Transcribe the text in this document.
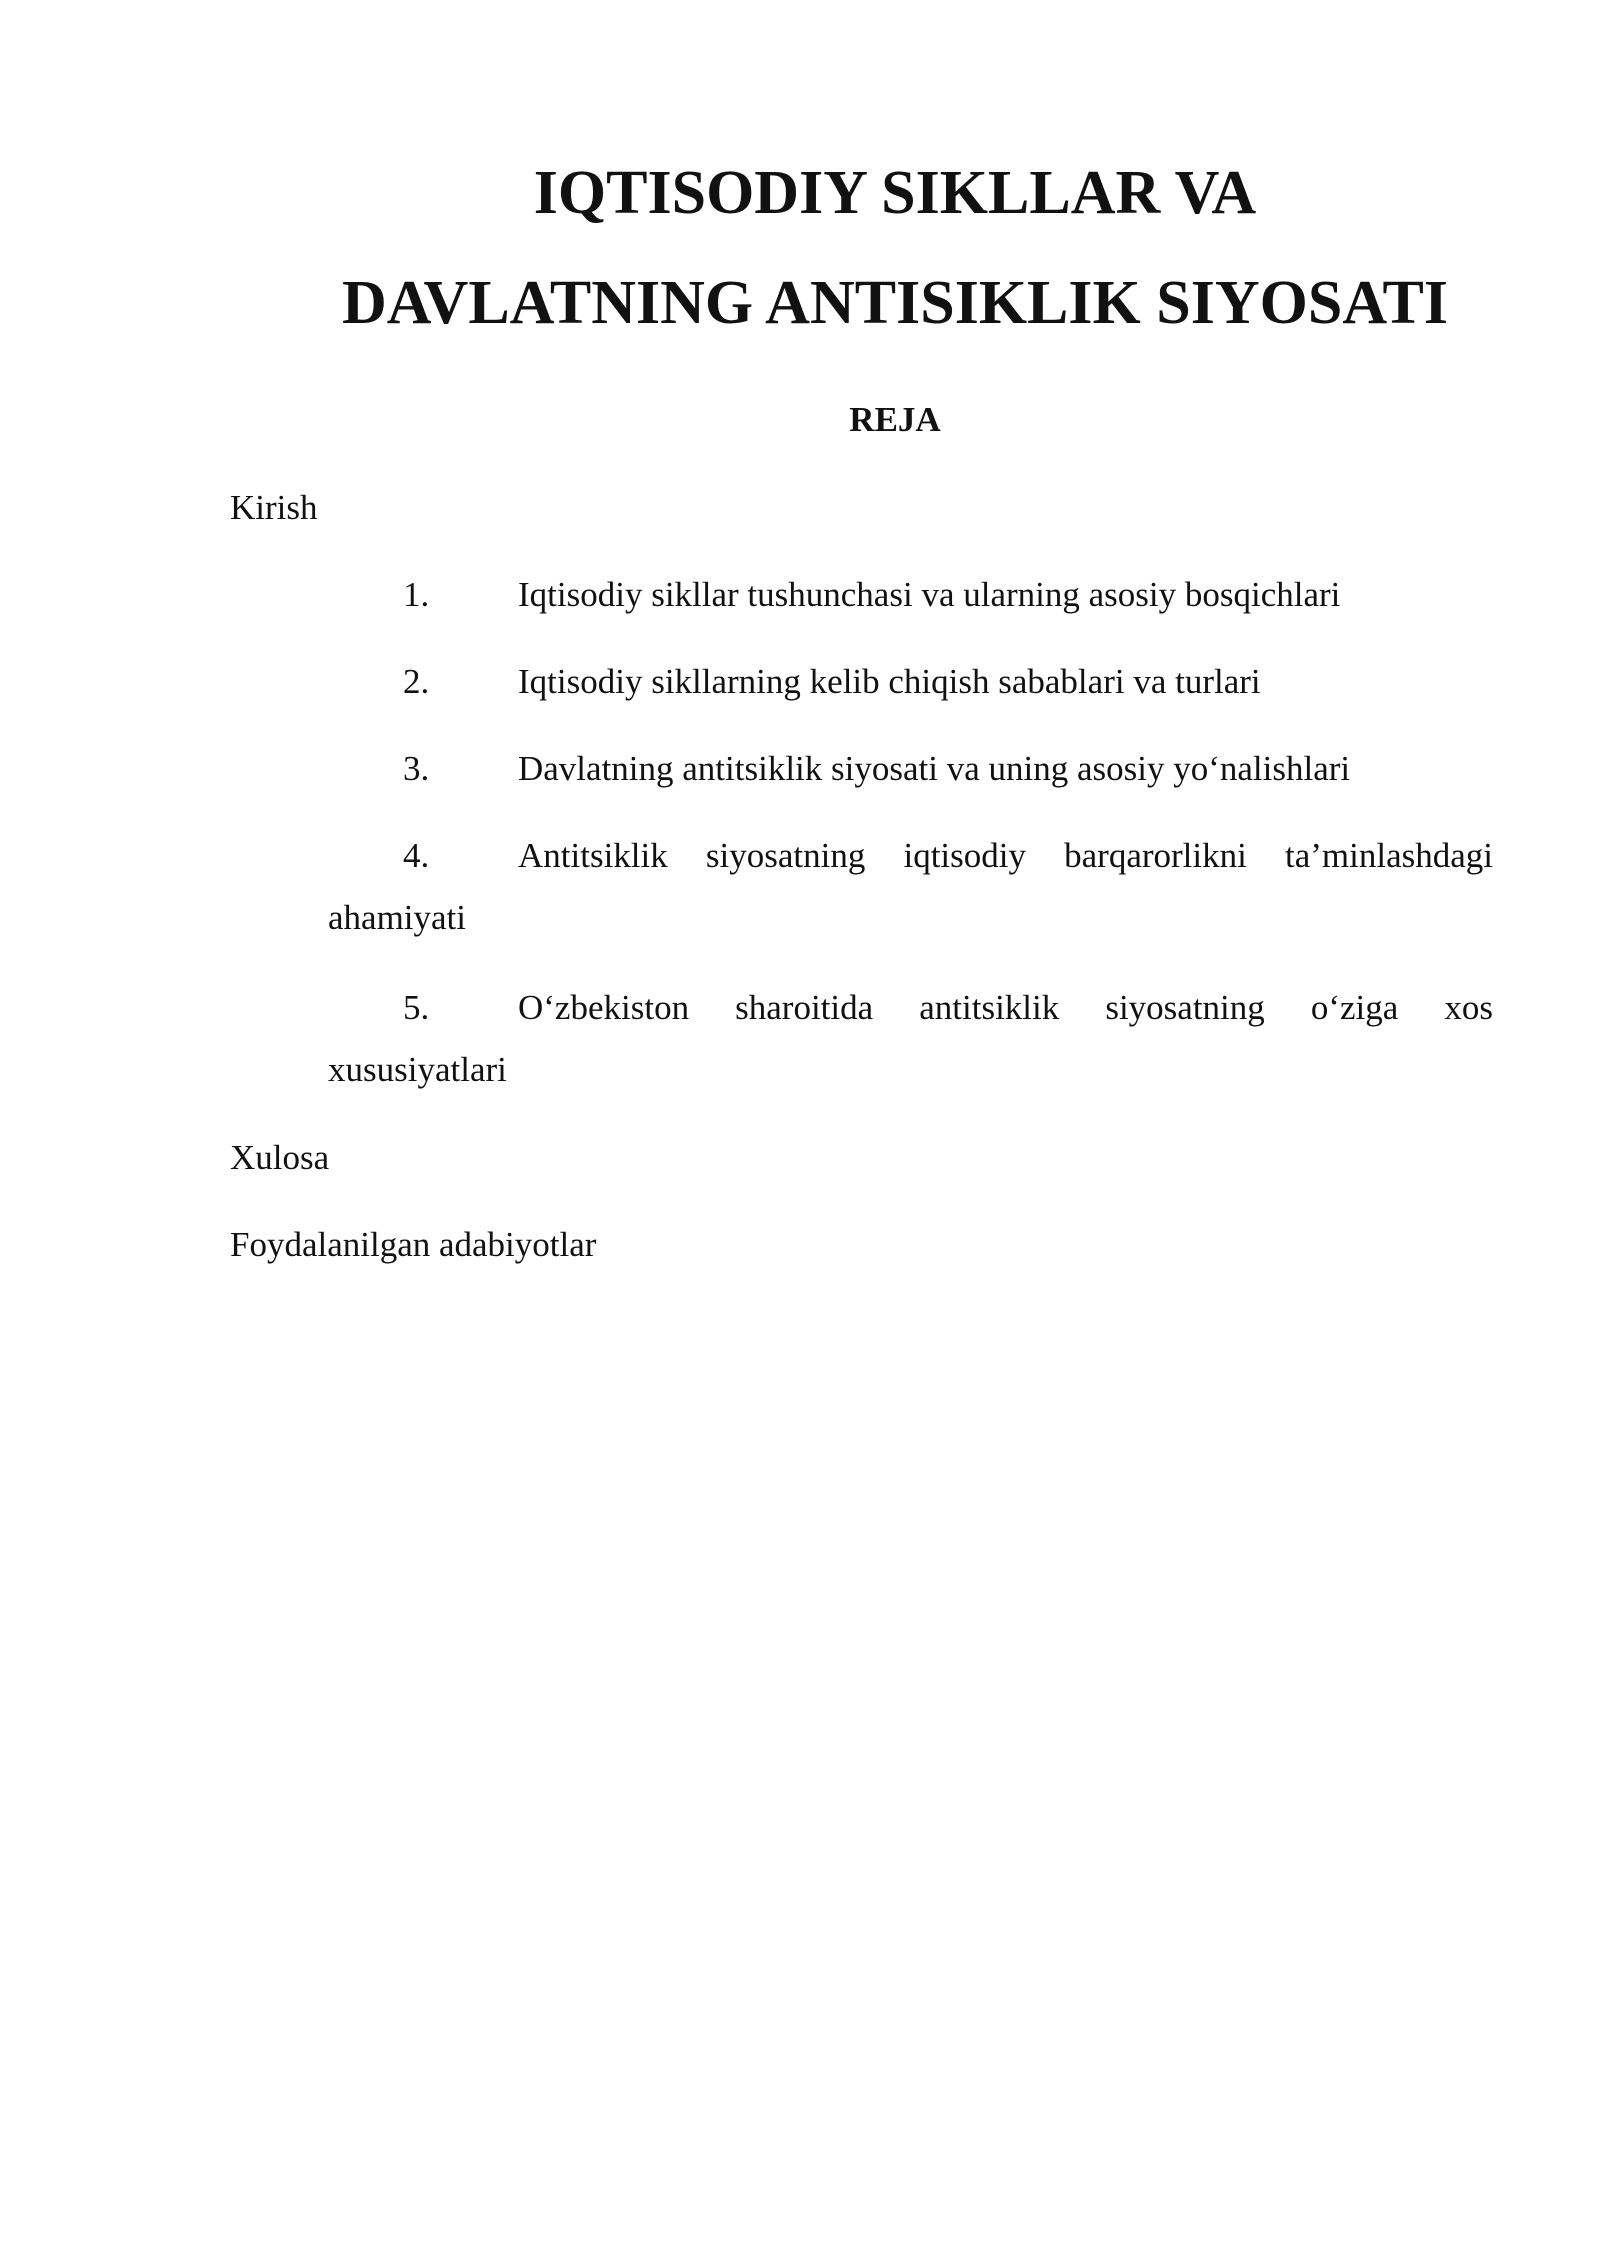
IQTISODIY SIKLLAR VA
DAVLATNING ANTISIKLIK SIYOSATI
REJA

Kirish

1.	Iqtisodiy sikllar tushunchasi va ularning asosiy bosqichlari
2.	Iqtisodiy sikllarning kelib chiqish sabablari va turlari
3.	Davlatning antitsiklik siyosati va uning asosiy yo‘nalishlari
4.	Antitsiklik siyosatning iqtisodiy barqarorlikni ta’minlashdagi
ahamiyati
5.	O‘zbekiston sharoitida antitsiklik siyosatning o‘ziga xos
xususiyatlari

Xulosa

Foydalanilgan adabiyotlar
